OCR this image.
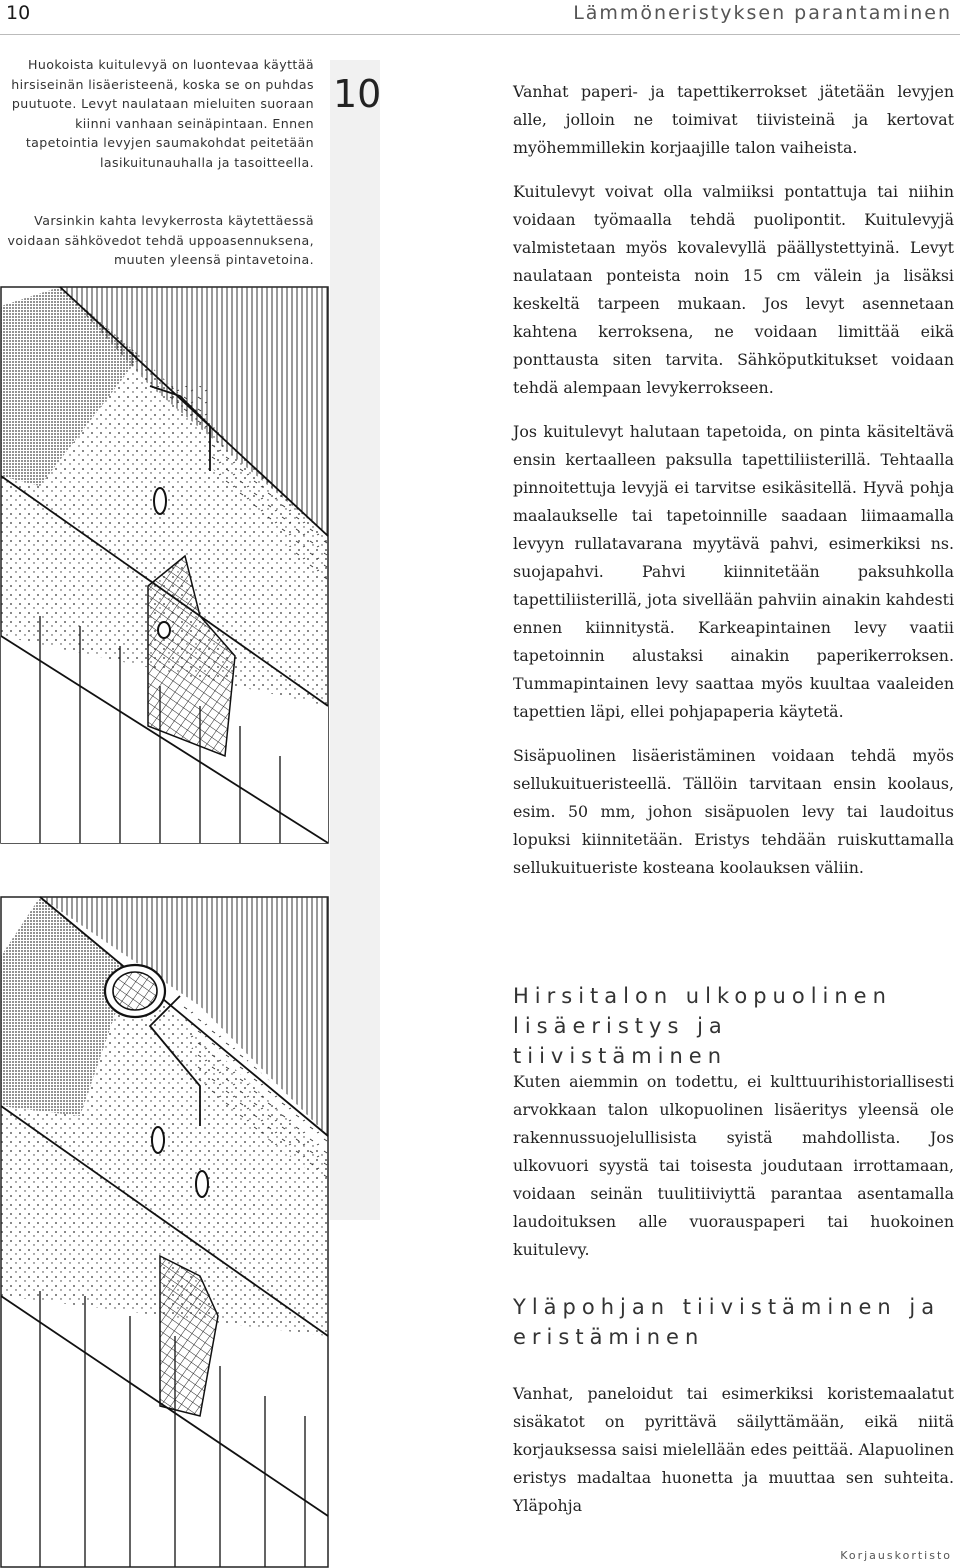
10	Lämmöneristyksen parantaminen
10
Huokoista kuitulevyä on luontevaa käyttää hirsiseinän lisäeristeenä, koska se on puhdas puutuote. Levyt naulataan mieluiten suoraan kiinni vanhaan seinäpintaan. Ennen tapetointia levyjen saumakohdat peitetään lasikuitunauhalla ja tasoitteella.
Varsinkin kahta levykerrosta käytettäessä voidaan sähkövedot tehdä uppoasennuksena, muuten yleensä pintavetoina.

Vanhat paperi- ja tapettikerrokset jätetään levyjen alle, jolloin ne toimivat tiivisteinä ja kertovat myöhemmillekin korjaajille talon vaiheista.

Kuitulevyt voivat olla valmiiksi pontattuja tai niihin voidaan työmaalla tehdä puolipontit. Kuitulevyjä valmistetaan myös kovalevyllä päällystettyinä. Levyt naulataan ponteista noin 15 cm välein ja lisäksi keskeltä tarpeen mukaan. Jos levyt asennetaan kahtena kerroksena, ne voidaan limittää eikä ponttausta siten tarvita. Sähköputkitukset voidaan tehdä alempaan levykerrokseen.

Jos kuitulevyt halutaan tapetoida, on pinta käsiteltävä ensin kertaalleen paksulla tapettiliisterillä. Tehtaalla pinnoitettuja levyjä ei tarvitse esikäsitellä. Hyvä pohja maalaukselle tai tapetoinnille saadaan liimaamalla levyyn rullatavarana myytävä pahvi, esimerkiksi ns. suojapahvi. Pahvi kiinnitetään paksuhkolla tapettiliisterillä, jota sivellään pahviin ainakin kahdesti ennen kiinnitystä. Karkeapintainen levy vaatii tapetoinnin alustaksi ainakin paperikerroksen. Tummapintainen levy saattaa myös kuultaa vaaleiden tapettien läpi, ellei pohjapaperia käytetä.

Sisäpuolinen lisäeristäminen voidaan tehdä myös sellukuitueristeellä. Tällöin tarvitaan ensin koolaus, esim. 50 mm, johon sisäpuolen levy tai laudoitus lopuksi kiinnitetään. Eristys tehdään ruiskuttamalla sellukuitueriste kosteana koolauksen väliin.

Hirsitalon ulkopuolinen lisäeristys ja tiivistäminen
Kuten aiemmin on todettu, ei kulttuurihistoriallisesti arvokkaan talon ulkopuolinen lisäeritys yleensä ole rakennussuojelullisista syistä mahdollista. Jos ulkovuori syystä tai toisesta joudutaan irrottamaan, voidaan seinän tuulitiiviyttä parantaa asentamalla laudoituksen alle vuorauspaperi tai huokoinen kuitulevy.
Yläpohjan tiivistäminen ja eristäminen
Vanhat, paneloidut tai esimerkiksi koristemaalatut sisäkatot on pyrittävä säilyttämään, eikä niitä korjauksessa saisi mielellään edes peittää. Alapuolinen eristys madaltaa huonetta ja muuttaa sen suhteita. Yläpohja
Korjauskortisto
